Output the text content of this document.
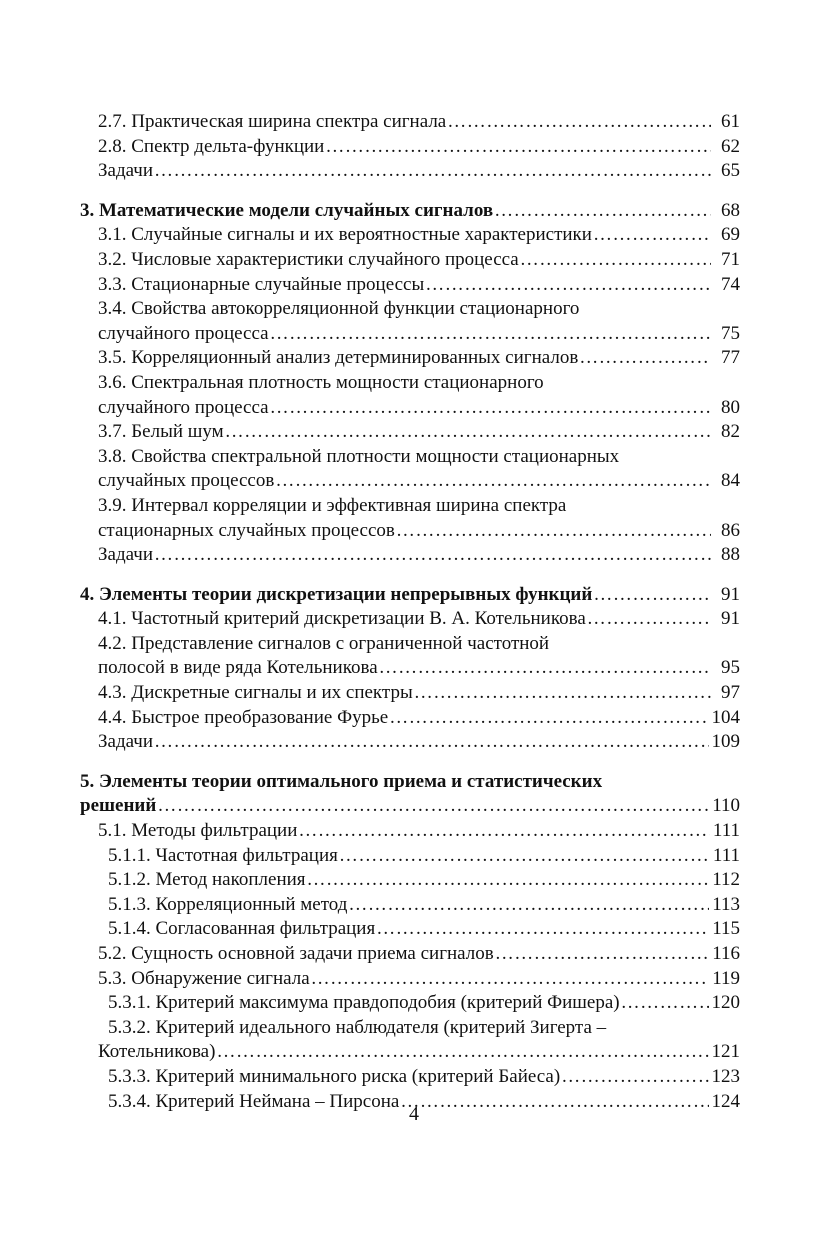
2.7. Практическая ширина спектра сигнала …………………………………………………………………………………………………………………………………………………………………………………………………………………	61
2.8. Спектр дельта-функции …………………………………………………………………………………………………………………………………………………………………………………………………………………	62
Задачи …………………………………………………………………………………………………………………………………………………………………………………………………………………	65
3. Математические модели случайных сигналов …………………………………………………………………………………………………………………………………………………………………………………………………………………	68
3.1. Случайные сигналы и их вероятностные характеристики …………………………………………………………………………………………………………………………………………………………………………………………………………………	69
3.2. Числовые характеристики случайного процесса …………………………………………………………………………………………………………………………………………………………………………………………………………………	71
3.3. Стационарные случайные процессы …………………………………………………………………………………………………………………………………………………………………………………………………………………	74
3.4. Свойства автокорреляционной функции стационарного
случайного процесса …………………………………………………………………………………………………………………………………………………………………………………………………………………	75
3.5. Корреляционный анализ детерминированных сигналов …………………………………………………………………………………………………………………………………………………………………………………………………………………	77
3.6. Спектральная плотность мощности стационарного
случайного процесса …………………………………………………………………………………………………………………………………………………………………………………………………………………	80
3.7. Белый шум …………………………………………………………………………………………………………………………………………………………………………………………………………………	82
3.8. Свойства спектральной плотности мощности стационарных
случайных процессов …………………………………………………………………………………………………………………………………………………………………………………………………………………	84
3.9. Интервал корреляции и эффективная ширина спектра
стационарных случайных процессов …………………………………………………………………………………………………………………………………………………………………………………………………………………	86
Задачи …………………………………………………………………………………………………………………………………………………………………………………………………………………	88
4. Элементы теории дискретизации непрерывных функций …………………………………………………………………………………………………………………………………………………………………………………………………………………	91
4.1. Частотный критерий дискретизации В. А. Котельникова …………………………………………………………………………………………………………………………………………………………………………………………………………………	91
4.2. Представление сигналов с ограниченной частотной
полосой в виде ряда Котельникова …………………………………………………………………………………………………………………………………………………………………………………………………………………	95
4.3. Дискретные сигналы и их спектры …………………………………………………………………………………………………………………………………………………………………………………………………………………	97
4.4. Быстрое преобразование Фурье …………………………………………………………………………………………………………………………………………………………………………………………………………………	104
Задачи …………………………………………………………………………………………………………………………………………………………………………………………………………………	109
5. Элементы теории оптимального приема и статистических
решений …………………………………………………………………………………………………………………………………………………………………………………………………………………	110
5.1. Методы фильтрации …………………………………………………………………………………………………………………………………………………………………………………………………………………	111
5.1.1. Частотная фильтрация …………………………………………………………………………………………………………………………………………………………………………………………………………………	111
5.1.2. Метод накопления …………………………………………………………………………………………………………………………………………………………………………………………………………………	112
5.1.3. Корреляционный метод …………………………………………………………………………………………………………………………………………………………………………………………………………………	113
5.1.4. Согласованная фильтрация …………………………………………………………………………………………………………………………………………………………………………………………………………………	115
5.2. Сущность основной задачи приема сигналов …………………………………………………………………………………………………………………………………………………………………………………………………………………	116
5.3. Обнаружение сигнала …………………………………………………………………………………………………………………………………………………………………………………………………………………	119
5.3.1. Критерий максимума правдоподобия (критерий Фишера) …………………………………………………………………………………………………………………………………………………………………………………………………………………	120
5.3.2. Критерий идеального наблюдателя (критерий Зигерта –
Котельникова) …………………………………………………………………………………………………………………………………………………………………………………………………………………	121
5.3.3. Критерий минимального риска (критерий Байеса) …………………………………………………………………………………………………………………………………………………………………………………………………………………	123
5.3.4. Критерий Неймана – Пирсона …………………………………………………………………………………………………………………………………………………………………………………………………………………	124
4
